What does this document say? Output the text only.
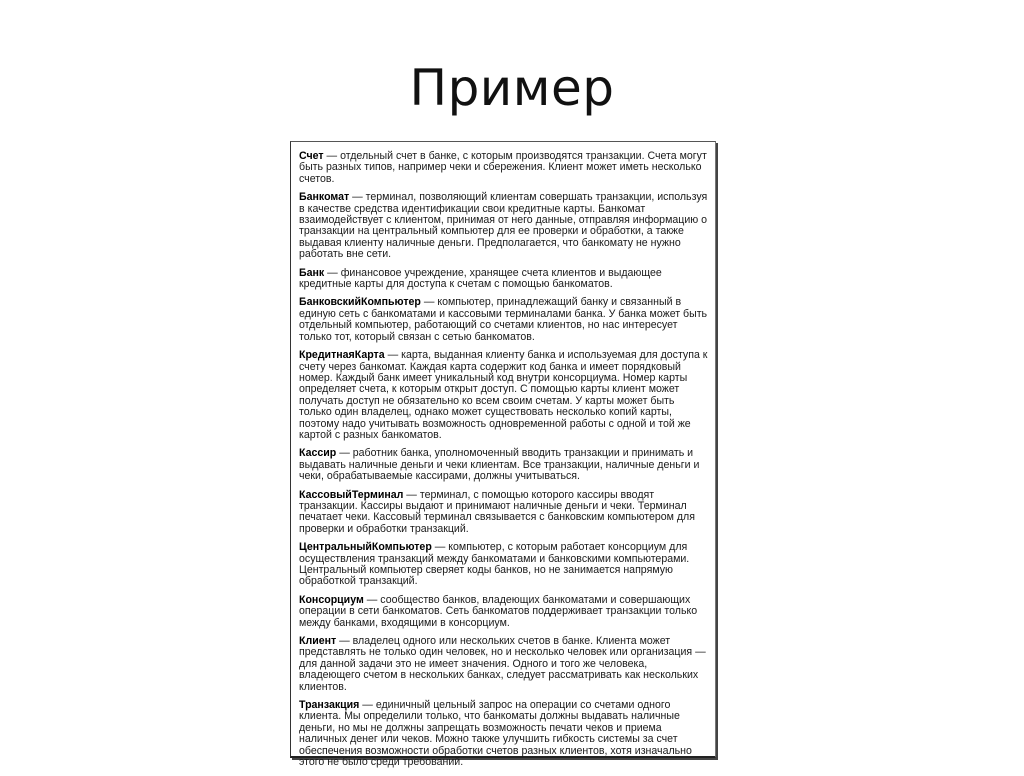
Пример

Счет — отдельный счет в банке, с которым производятся транзакции. Счета могут быть разных типов, например чеки и сбережения. Клиент может иметь несколько счетов.

Банкомат — терминал, позволяющий клиентам совершать транзакции, используя в качестве средства идентификации свои кредитные карты. Банкомат взаимодействует с клиентом, принимая от него данные, отправляя информацию о транзакции на центральный компьютер для ее проверки и обработки, а также выдавая клиенту наличные деньги. Предполагается, что банкомату не нужно работать вне сети.

Банк — финансовое учреждение, хранящее счета клиентов и выдающее кредитные карты для доступа к счетам с помощью банкоматов.

БанковскийКомпьютер — компьютер, принадлежащий банку и связанный в единую сеть с банкоматами и кассовыми терминалами банка. У банка может быть отдельный компьютер, работающий со счетами клиентов, но нас интересует только тот, который связан с сетью банкоматов.

КредитнаяКарта — карта, выданная клиенту банка и используемая для доступа к счету через банкомат. Каждая карта содержит код банка и имеет порядковый номер. Каждый банк имеет уникальный код внутри консорциума. Номер карты определяет счета, к которым открыт доступ. С помощью карты клиент может получать доступ не обязательно ко всем своим счетам. У карты может быть только один владелец, однако может существовать несколько копий карты, поэтому надо учитывать возможность одновременной работы с одной и той же картой с разных банкоматов.

Кассир — работник банка, уполномоченный вводить транзакции и принимать и выдавать наличные деньги и чеки клиентам. Все транзакции, наличные деньги и чеки, обрабатываемые кассирами, должны учитываться.

КассовыйТерминал — терминал, с помощью которого кассиры вводят транзакции. Кассиры выдают и принимают наличные деньги и чеки. Терминал печатает чеки. Кассовый терминал связывается с банковским компьютером для проверки и обработки транзакций.

ЦентральныйКомпьютер — компьютер, с которым работает консорциум для осуществления транзакций между банкоматами и банковскими компьютерами. Центральный компьютер сверяет коды банков, но не занимается напрямую обработкой транзакций.

Консорциум — сообщество банков, владеющих банкоматами и совершающих операции в сети банкоматов. Сеть банкоматов поддерживает транзакции только между банками, входящими в консорциум.

Клиент — владелец одного или нескольких счетов в банке. Клиента может представлять не только один человек, но и несколько человек или организация — для данной задачи это не имеет значения. Одного и того же человека, владеющего счетом в нескольких банках, следует рассматривать как нескольких клиентов.

Транзакция — единичный цельный запрос на операции со счетами одного клиента. Мы определили только, что банкоматы должны выдавать наличные деньги, но мы не должны запрещать возможность печати чеков и приема наличных денег или чеков. Можно также улучшить гибкость системы за счет обеспечения возможности обработки счетов разных клиентов, хотя изначально этого не было среди требований.
